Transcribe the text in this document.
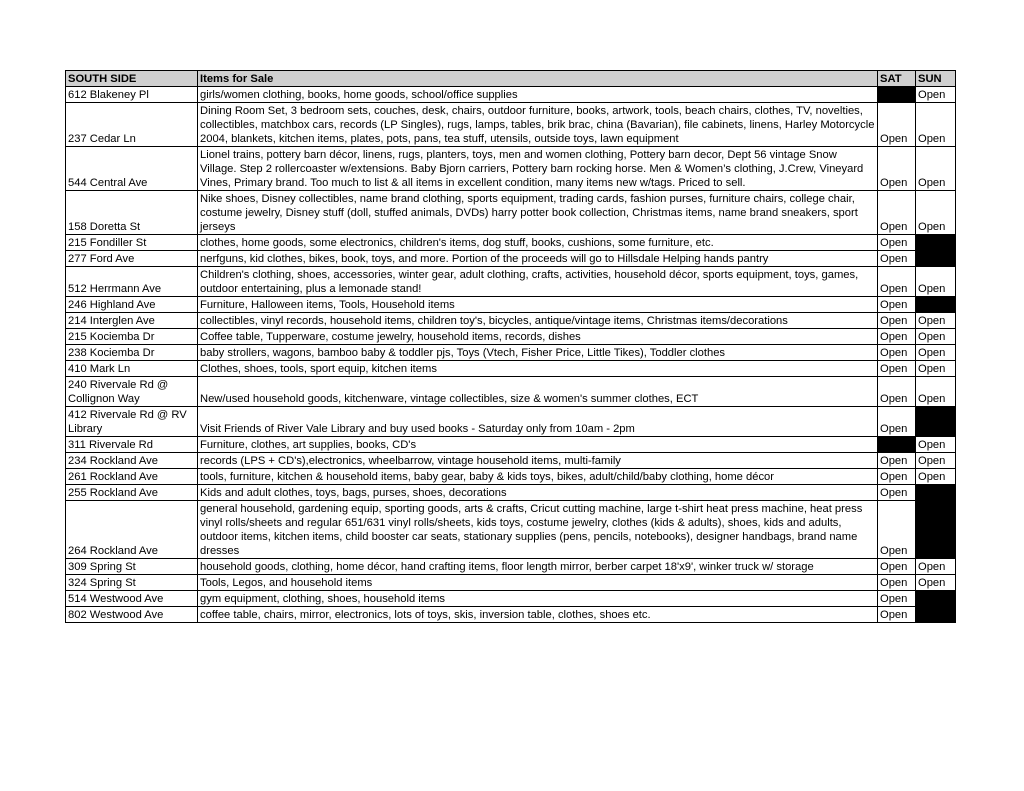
SOUTH SIDE	Items for Sale	SAT	SUN
612 Blakeney Pl	girls/women clothing, books, home goods, school/office supplies		Open
237 Cedar Ln	Dining Room Set, 3 bedroom sets, couches, desk, chairs, outdoor furniture, books, artwork, tools, beach chairs, clothes, TV, novelties, collectibles, matchbox cars, records (LP Singles), rugs, lamps, tables, brik brac, china (Bavarian), file cabinets, linens, Harley Motorcycle 2004, blankets, kitchen items, plates, pots, pans, tea stuff, utensils, outside toys, lawn equipment	Open	Open
544 Central Ave	Lionel trains, pottery barn décor, linens, rugs, planters, toys, men and women clothing, Pottery barn decor, Dept 56 vintage Snow Village. Step 2 rollercoaster w/extensions. Baby Bjorn carriers, Pottery barn rocking horse. Men & Women’s clothing, J.Crew, Vineyard Vines, Primary brand. Too much to list & all items in excellent condition, many items new w/tags. Priced to sell.	Open	Open
158 Doretta St	Nike shoes, Disney collectibles, name brand clothing, sports equipment, trading cards, fashion purses, furniture chairs, college chair, costume jewelry, Disney stuff (doll, stuffed animals, DVDs) harry potter book collection, Christmas items, name brand sneakers, sport jerseys	Open	Open
215 Fondiller St	clothes, home goods, some electronics, children's items, dog stuff, books, cushions, some furniture, etc.	Open	
277 Ford Ave	nerfguns, kid clothes, bikes, book, toys, and more. Portion of the proceeds will go to Hillsdale Helping hands pantry	Open	
512 Herrmann Ave	Children's clothing, shoes, accessories, winter gear, adult clothing, crafts, activities, household décor, sports equipment, toys, games, outdoor entertaining, plus a lemonade stand!	Open	Open
246 Highland Ave	Furniture, Halloween items, Tools, Household items	Open	
214 Interglen Ave	collectibles, vinyl records, household items, children toy's, bicycles, antique/vintage items, Christmas items/decorations	Open	Open
215 Kociemba Dr	Coffee table, Tupperware, costume jewelry, household items, records, dishes	Open	Open
238 Kociemba Dr	baby strollers, wagons, bamboo baby & toddler pjs, Toys (Vtech, Fisher Price, Little Tikes), Toddler clothes	Open	Open
410 Mark Ln	Clothes, shoes, tools, sport equip, kitchen items	Open	Open
240 Rivervale Rd @ Collignon Way	New/used household goods, kitchenware, vintage collectibles, size & women's summer clothes, ECT	Open	Open
412 Rivervale Rd @ RV Library	Visit Friends of River Vale Library and buy used books - Saturday only from 10am - 2pm	Open	
311 Rivervale Rd	Furniture, clothes, art supplies, books, CD's		Open
234 Rockland Ave	records (LPS + CD's),electronics, wheelbarrow, vintage household items, multi-family	Open	Open
261 Rockland Ave	tools, furniture, kitchen & household items, baby gear, baby & kids toys, bikes, adult/child/baby clothing, home décor	Open	Open
255 Rockland Ave	Kids and adult clothes, toys, bags, purses, shoes, decorations	Open	
264 Rockland Ave	general household, gardening equip, sporting goods, arts & crafts, Cricut cutting machine, large t-shirt heat press machine, heat press vinyl rolls/sheets and regular 651/631 vinyl rolls/sheets, kids toys, costume jewelry, clothes (kids & adults), shoes, kids and adults, outdoor items, kitchen items, child booster car seats, stationary supplies (pens, pencils, notebooks), designer handbags, brand name dresses	Open	
309 Spring St	household goods, clothing, home décor, hand crafting items, floor length mirror, berber carpet 18'x9', winker truck w/ storage	Open	Open
324 Spring St	Tools, Legos, and household items	Open	Open
514 Westwood Ave	gym equipment, clothing, shoes, household items	Open	
802 Westwood Ave	coffee table, chairs, mirror, electronics, lots of toys, skis, inversion table, clothes, shoes etc.	Open	
